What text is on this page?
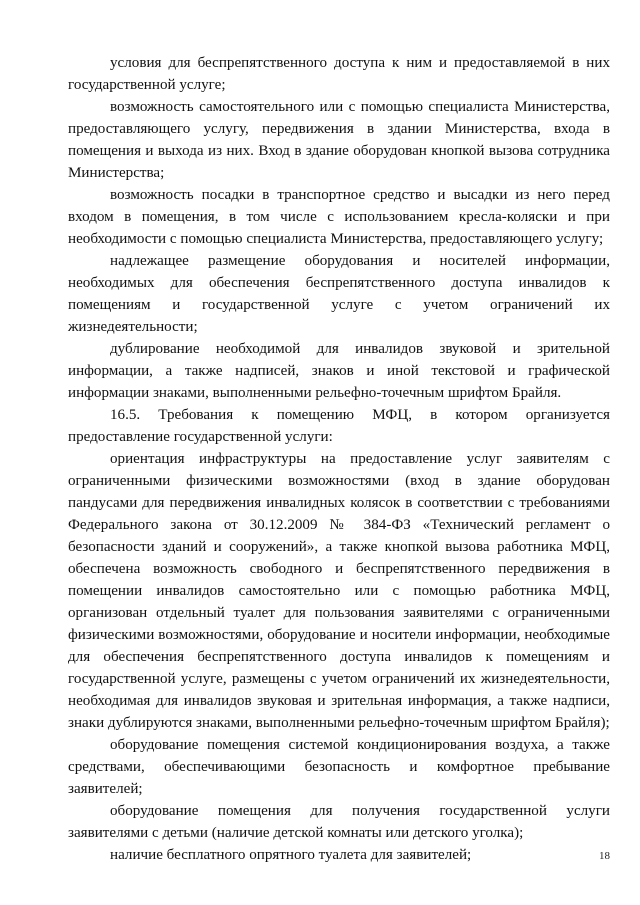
условия для беспрепятственного доступа к ним и предоставляемой в них государственной услуге;

возможность самостоятельного или с помощью специалиста Министерства, предоставляющего услугу, передвижения в здании Министерства, входа в помещения и выхода из них. Вход в здание оборудован кнопкой вызова сотрудника Министерства;

возможность посадки в транспортное средство и высадки из него перед входом в помещения, в том числе с использованием кресла-коляски и при необходимости с помощью специалиста Министерства, предоставляющего услугу;

надлежащее размещение оборудования и носителей информации, необходимых для обеспечения беспрепятственного доступа инвалидов к помещениям и государственной услуге с учетом ограничений их жизнедеятельности;

дублирование необходимой для инвалидов звуковой и зрительной информации, а также надписей, знаков и иной текстовой и графической информации знаками, выполненными рельефно-точечным шрифтом Брайля.

16.5. Требования к помещению МФЦ, в котором организуется предоставление государственной услуги:

ориентация инфраструктуры на предоставление услуг заявителям с ограниченными физическими возможностями (вход в здание оборудован пандусами для передвижения инвалидных колясок в соответствии с требованиями Федерального закона от 30.12.2009 № 384-ФЗ «Технический регламент о безопасности зданий и сооружений», а также кнопкой вызова работника МФЦ, обеспечена возможность свободного и беспрепятственного передвижения в помещении инвалидов самостоятельно или с помощью работника МФЦ, организован отдельный туалет для пользования заявителями с ограниченными физическими возможностями, оборудование и носители информации, необходимые для обеспечения беспрепятственного доступа инвалидов к помещениям и государственной услуге, размещены с учетом ограничений их жизнедеятельности, необходимая для инвалидов звуковая и зрительная информация, а также надписи, знаки дублируются знаками, выполненными рельефно-точечным шрифтом Брайля);

оборудование помещения системой кондиционирования воздуха, а также средствами, обеспечивающими безопасность и комфортное пребывание заявителей;

оборудование помещения для получения государственной услуги заявителями с детьми (наличие детской комнаты или детского уголка);

наличие бесплатного опрятного туалета для заявителей;	18
